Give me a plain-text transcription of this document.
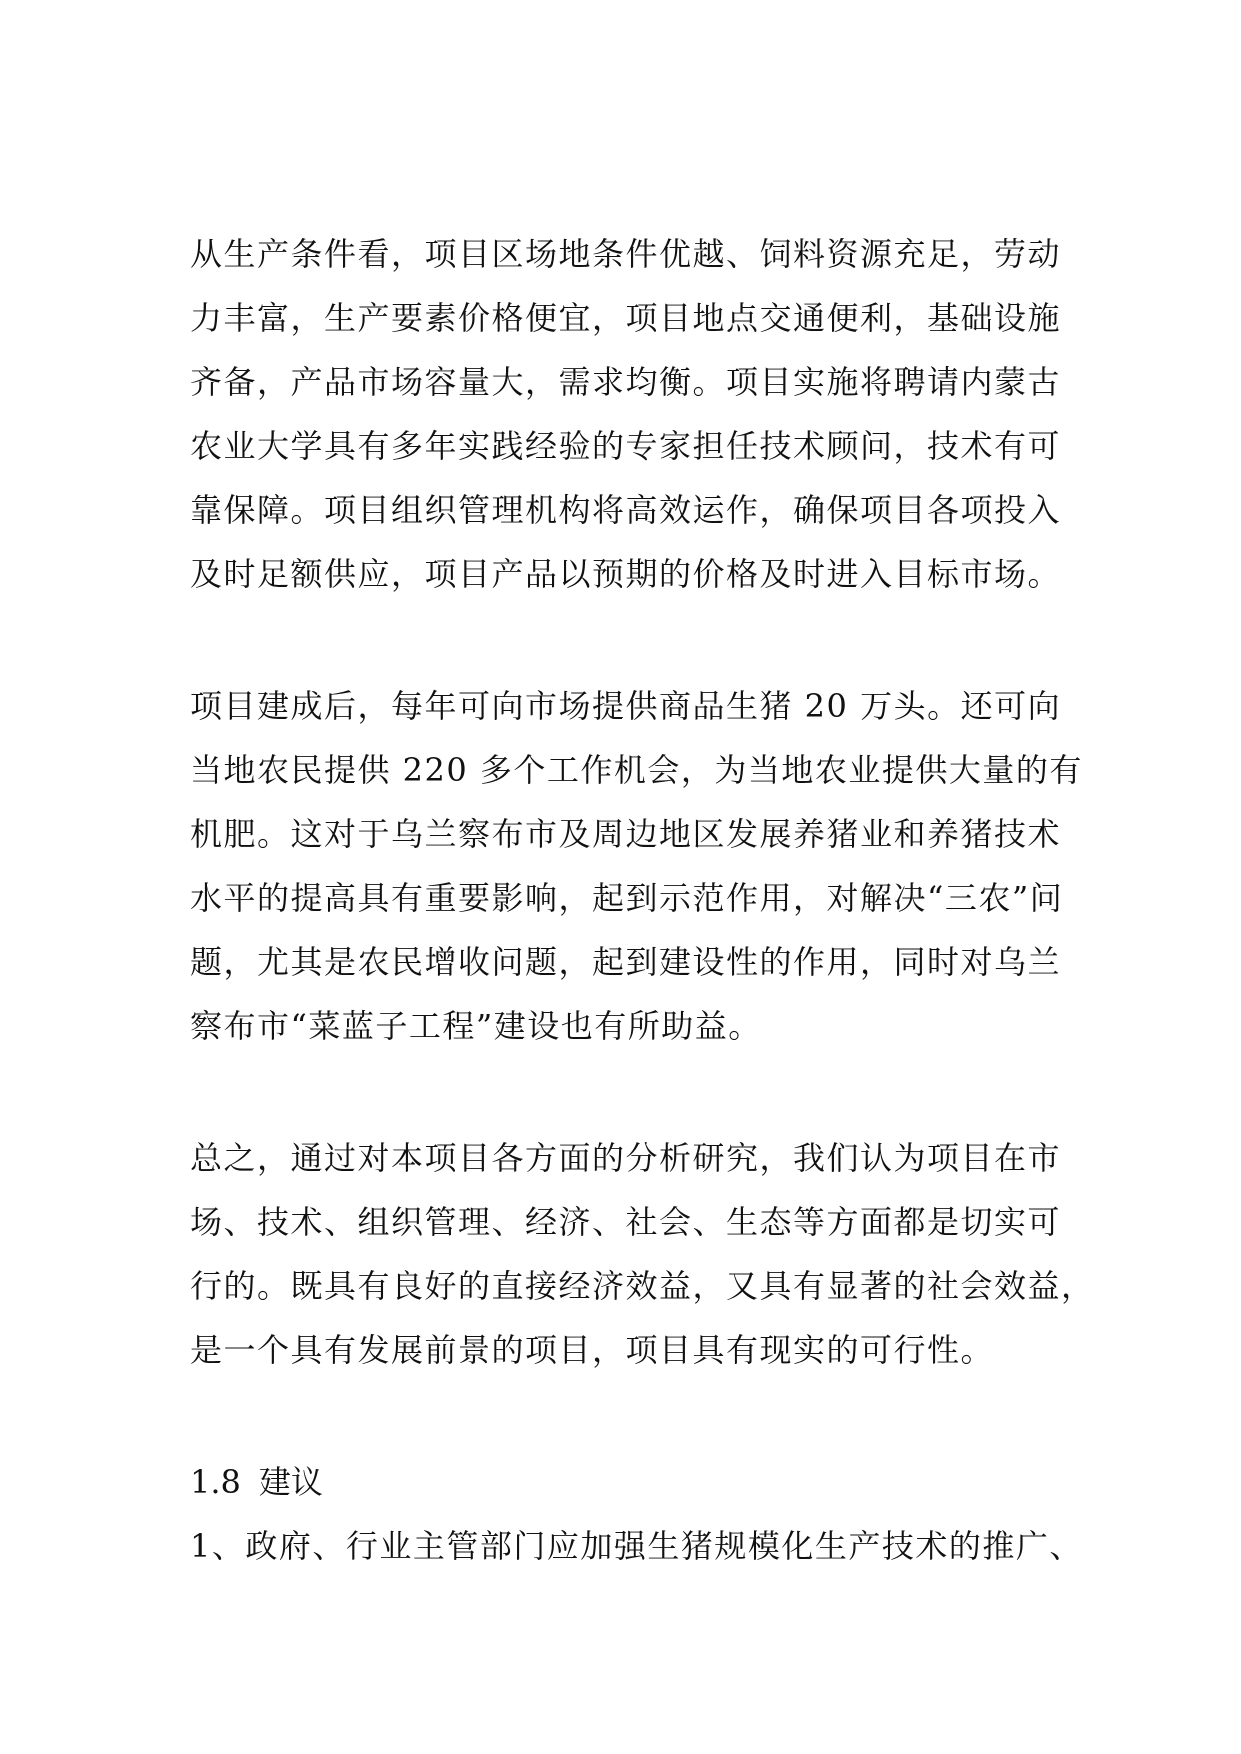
从生产条件看，项目区场地条件优越、饲料资源充足，劳动

力丰富，生产要素价格便宜，项目地点交通便利，基础设施

齐备，产品市场容量大，需求均衡。项目实施将聘请内蒙古

农业大学具有多年实践经验的专家担任技术顾问，技术有可

靠保障。项目组织管理机构将高效运作，确保项目各项投入

及时足额供应，项目产品以预期的价格及时进入目标市场。

项目建成后，每年可向市场提供商品生猪 20 万头。还可向

当地农民提供 220 多个工作机会，为当地农业提供大量的有

机肥。这对于乌兰察布市及周边地区发展养猪业和养猪技术

水平的提高具有重要影响，起到示范作用，对解决“三农”问

题，尤其是农民增收问题，起到建设性的作用，同时对乌兰

察布市“菜蓝子工程”建设也有所助益。

总之，通过对本项目各方面的分析研究，我们认为项目在市

场、技术、组织管理、经济、社会、生态等方面都是切实可

行的。既具有良好的直接经济效益，又具有显著的社会效益，

是一个具有发展前景的项目，项目具有现实的可行性。

1.8 建议

1、政府、行业主管部门应加强生猪规模化生产技术的推广、
